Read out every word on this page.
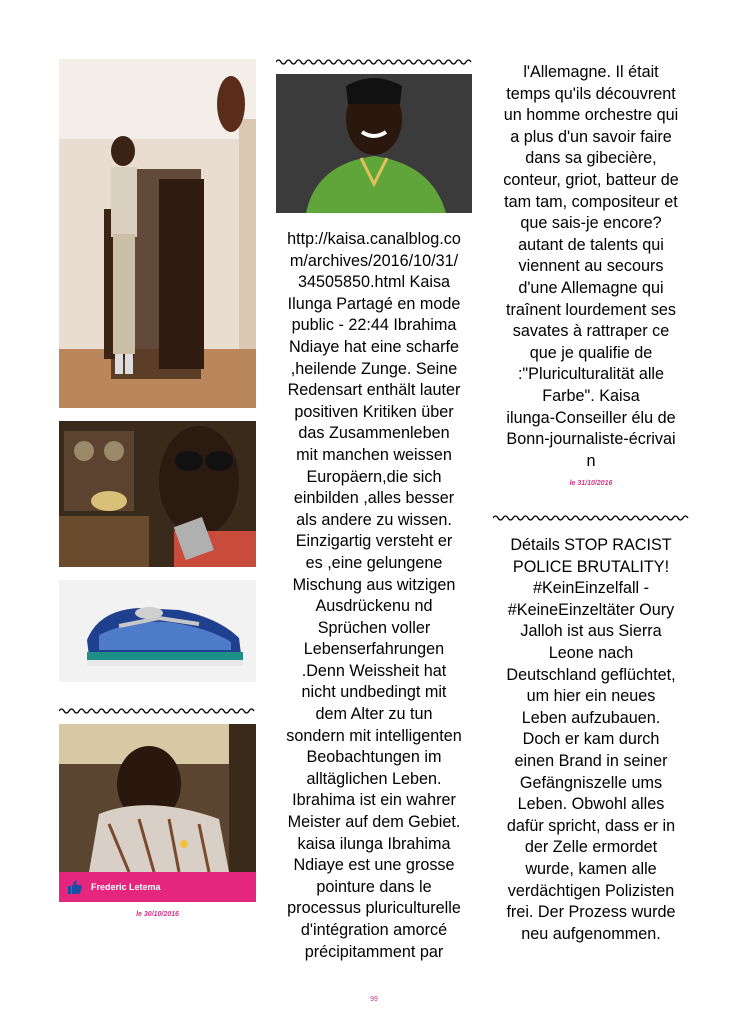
Frederic Letema
le 30/10/2016
http://kaisa.canalblog.co
m/archives/2016/10/31/
34505850.html Kaisa
Ilunga Partagé en mode
public - 22:44 Ibrahima
Ndiaye hat eine scharfe
,heilende Zunge. Seine
Redensart enthält lauter
positiven Kritiken über
das Zusammenleben
mit manchen weissen
Europäern,die sich
einbilden ,alles besser
als andere zu wissen.
Einzigartig versteht er
es ,eine gelungene
Mischung aus witzigen
Ausdrückenu nd
Sprüchen voller
Lebenserfahrungen
.Denn Weissheit hat
nicht undbedingt mit
dem Alter zu tun
sondern mit intelligenten
Beobachtungen im
alltäglichen Leben.
Ibrahima ist ein wahrer
Meister auf dem Gebiet.
kaisa ilunga Ibrahima
Ndiaye est une grosse
pointure dans le
processus pluriculturelle
d'intégration amorcé
précipitamment par
l'Allemagne. Il était
temps qu'ils découvrent
un homme orchestre qui
a plus d'un savoir faire
dans sa gibecière,
conteur, griot, batteur de
tam tam, compositeur et
que sais-je encore?
autant de talents qui
viennent au secours
d'une Allemagne qui
traînent lourdement ses
savates à rattraper ce
que je qualifie de
:"Pluriculturalität alle
Farbe". Kaisa
ilunga-Conseiller élu de
Bonn-journaliste-écrivai
n
le 31/10/2016
Détails STOP RACIST
POLICE BRUTALITY!
#KeinEinzelfall -
#KeineEinzeltäter Oury
Jalloh ist aus Sierra
Leone nach
Deutschland geflüchtet,
um hier ein neues
Leben aufzubauen.
Doch er kam durch
einen Brand in seiner
Gefängniszelle ums
Leben. Obwohl alles
dafür spricht, dass er in
der Zelle ermordet
wurde, kamen alle
verdächtigen Polizisten
frei. Der Prozess wurde
neu aufgenommen.
99
